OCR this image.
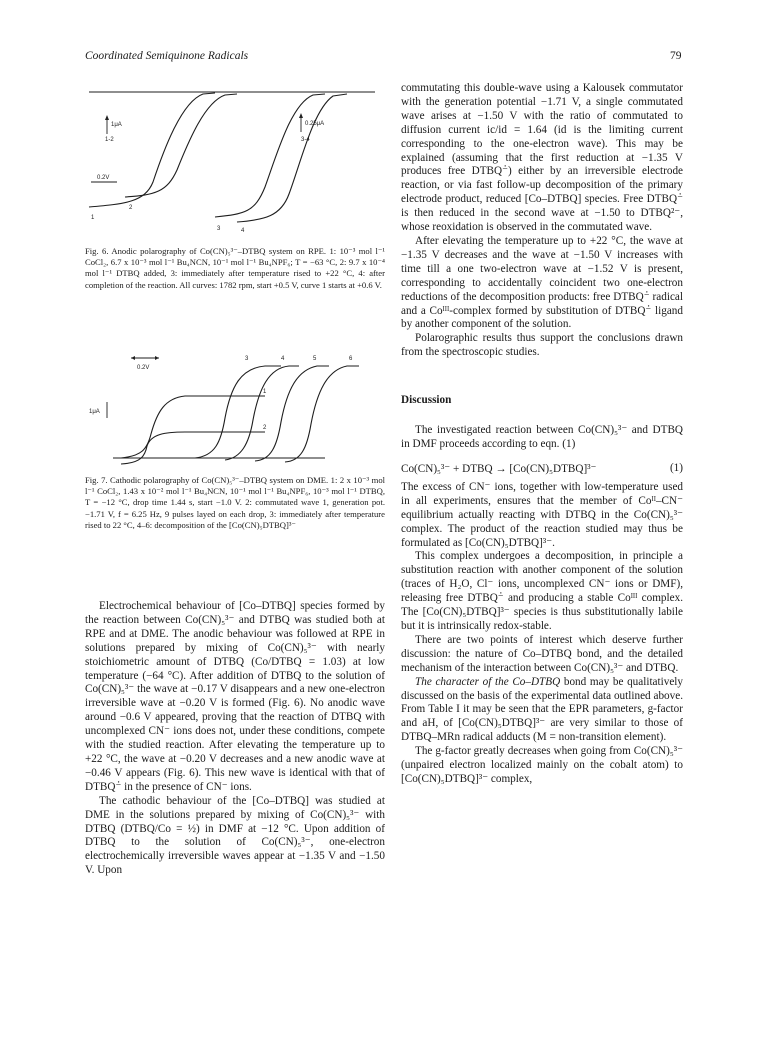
Coordinated Semiquinone Radicals	79
1μA
1-2
0.25μA
3-4
0.2V
1
2
3	4

Fig. 6. Anodic polarography of Co(CN)₅³⁻–DTBQ system on RPE. 1: 10⁻³ mol l⁻¹ CoCl₂, 6.7 x 10⁻³ mol l⁻¹ Bu₄NCN, 10⁻¹ mol l⁻¹ Bu₄NPF₆; T = −63 °C, 2: 9.7 x 10⁻⁴ mol l⁻¹ DTBQ added, 3: immediately after temperature rised to +22 °C, 4: after completion of the reaction. All curves: 1782 rpm, start +0.5 V, curve 1 starts at +0.6 V.

0.2V
1μA
1
2
3	4	5	6

Fig. 7. Cathodic polarography of Co(CN)₅³⁻–DTBQ system on DME. 1: 2 x 10⁻³ mol l⁻¹ CoCl₂, 1.43 x 10⁻² mol l⁻¹ Bu₄NCN, 10⁻¹ mol l⁻¹ Bu₄NPF₆, 10⁻³ mol l⁻¹ DTBQ, T = −12 °C, drop time 1.44 s, start −1.0 V. 2: commutated wave 1, generation pot. −1.71 V, f = 6.25 Hz, 9 pulses layed on each drop, 3: immediately after temperature rised to 22 °C, 4–6: decomposition of the [Co(CN)₅DTBQ]³⁻

Electrochemical behaviour of [Co–DTBQ] species formed by the reaction between Co(CN)₅³⁻ and DTBQ was studied both at RPE and at DME. The anodic behaviour was followed at RPE in solutions prepared by mixing of Co(CN)₅³⁻ with nearly stoichiometric amount of DTBQ (Co/DTBQ = 1.03) at low temperature (−64 °C). After addition of DTBQ to the solution of Co(CN)₅³⁻ the wave at −0.17 V disappears and a new one-electron irreversible wave at −0.20 V is formed (Fig. 6). No anodic wave around −0.6 V appeared, proving that the reaction of DTBQ with uncomplexed CN⁻ ions does not, under these conditions, compete with the studied reaction. After elevating the temperature up to +22 °C, the wave at −0.20 V decreases and a new anodic wave at −0.46 V appears (Fig. 6). This new wave is identical with that of DTBQ⁻̇ in the presence of CN⁻ ions.

The cathodic behaviour of the [Co–DTBQ] was studied at DME in the solutions prepared by mixing of Co(CN)₅³⁻ with DTBQ (DTBQ/Co = ½) in DMF at −12 °C. Upon addition of DTBQ to the solution of Co(CN)₅³⁻, one-electron electrochemically irreversible waves appear at −1.35 V and −1.50 V. Upon

commutating this double-wave using a Kalousek commutator with the generation potential −1.71 V, a single commutated wave arises at −1.50 V with the ratio of commutated to diffusion current ic/id = 1.64 (id is the limiting current corresponding to the one-electron wave). This may be explained (assuming that the first reduction at −1.35 V produces free DTBQ⁻̇) either by an irreversible electrode reaction, or via fast follow-up decomposition of the primary electrode product, reduced [Co–DTBQ] species. Free DTBQ⁻̇ is then reduced in the second wave at −1.50 to DTBQ²⁻, whose reoxidation is observed in the commutated wave.

After elevating the temperature up to +22 °C, the wave at −1.35 V decreases and the wave at −1.50 V increases with time till a one two-electron wave at −1.52 V is present, corresponding to accidentally coincident two one-electron reductions of the decomposition products: free DTBQ⁻̇ radical and a Coᴵᴵᴵ-complex formed by substitution of DTBQ⁻̇ ligand by another component of the solution.

Polarographic results thus support the conclusions drawn from the spectroscopic studies.

Discussion

The investigated reaction between Co(CN)₅³⁻ and DTBQ in DMF proceeds according to eqn. (1)

Co(CN)₅³⁻ + DTBQ → [Co(CN)₅DTBQ]³⁻	(1)

The excess of CN⁻ ions, together with low-temperature used in all experiments, ensures that the member of Coᴵᴵ–CN⁻ equilibrium actually reacting with DTBQ in the Co(CN)₅³⁻ complex. The product of the reaction studied may thus be formulated as [Co(CN)₅DTBQ]³⁻.

This complex undergoes a decomposition, in principle a substitution reaction with another component of the solution (traces of H₂O, Cl⁻ ions, uncomplexed CN⁻ ions or DMF), releasing free DTBQ⁻̇ and producing a stable Coᴵᴵᴵ complex. The [Co(CN)₅DTBQ]³⁻ species is thus substitutionally labile but it is intrinsically redox-stable.

There are two points of interest which deserve further discussion: the nature of Co–DTBQ bond, and the detailed mechanism of the interaction between Co(CN)₅³⁻ and DTBQ.

The character of the Co–DTBQ bond may be qualitatively discussed on the basis of the experimental data outlined above. From Table I it may be seen that the EPR parameters, g-factor and aH, of [Co(CN)₅DTBQ]³⁻ are very similar to those of DTBQ–MRn radical adducts (M = non-transition element).

The g-factor greatly decreases when going from Co(CN)₅³⁻ (unpaired electron localized mainly on the cobalt atom) to [Co(CN)₅DTBQ]³⁻ complex,
